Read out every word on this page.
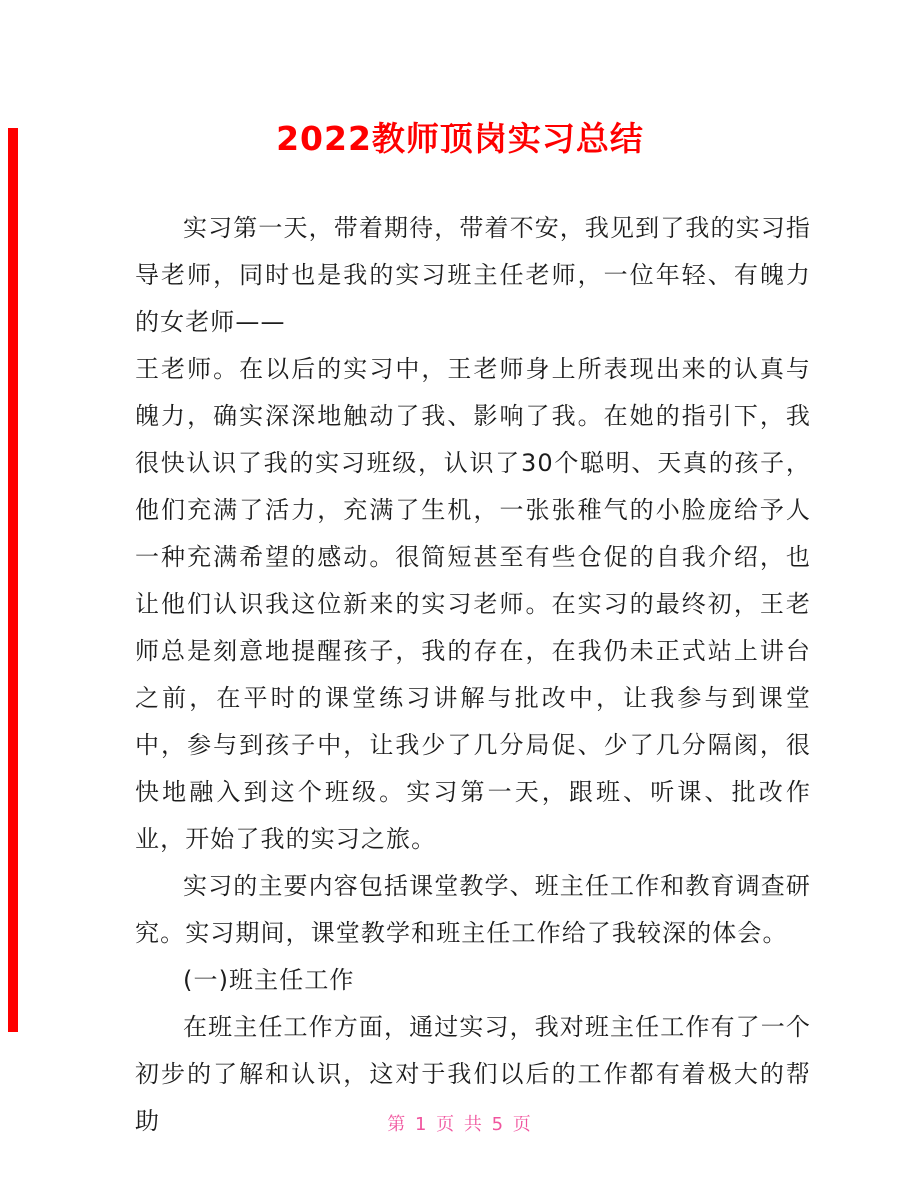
2022教师顶岗实习总结

实习第一天，带着期待，带着不安，我见到了我的实习指导老师，同时也是我的实习班主任老师，一位年轻、有魄力的女老师——

王老师。在以后的实习中，王老师身上所表现出来的认真与魄力，确实深深地触动了我、影响了我。在她的指引下，我很快认识了我的实习班级，认识了30个聪明、天真的孩子，他们充满了活力，充满了生机，一张张稚气的小脸庞给予人一种充满希望的感动。很简短甚至有些仓促的自我介绍，也让他们认识我这位新来的实习老师。在实习的最终初，王老师总是刻意地提醒孩子，我的存在，在我仍未正式站上讲台之前，在平时的课堂练习讲解与批改中，让我参与到课堂中，参与到孩子中，让我少了几分局促、少了几分隔阂，很快地融入到这个班级。实习第一天，跟班、听课、批改作业，开始了我的实习之旅。

实习的主要内容包括课堂教学、班主任工作和教育调查研究。实习期间，课堂教学和班主任工作给了我较深的体会。

(一)班主任工作

在班主任工作方面，通过实习，我对班主任工作有了一个初步的了解和认识，这对于我们以后的工作都有着极大的帮助	第 1 页 共 5 页
